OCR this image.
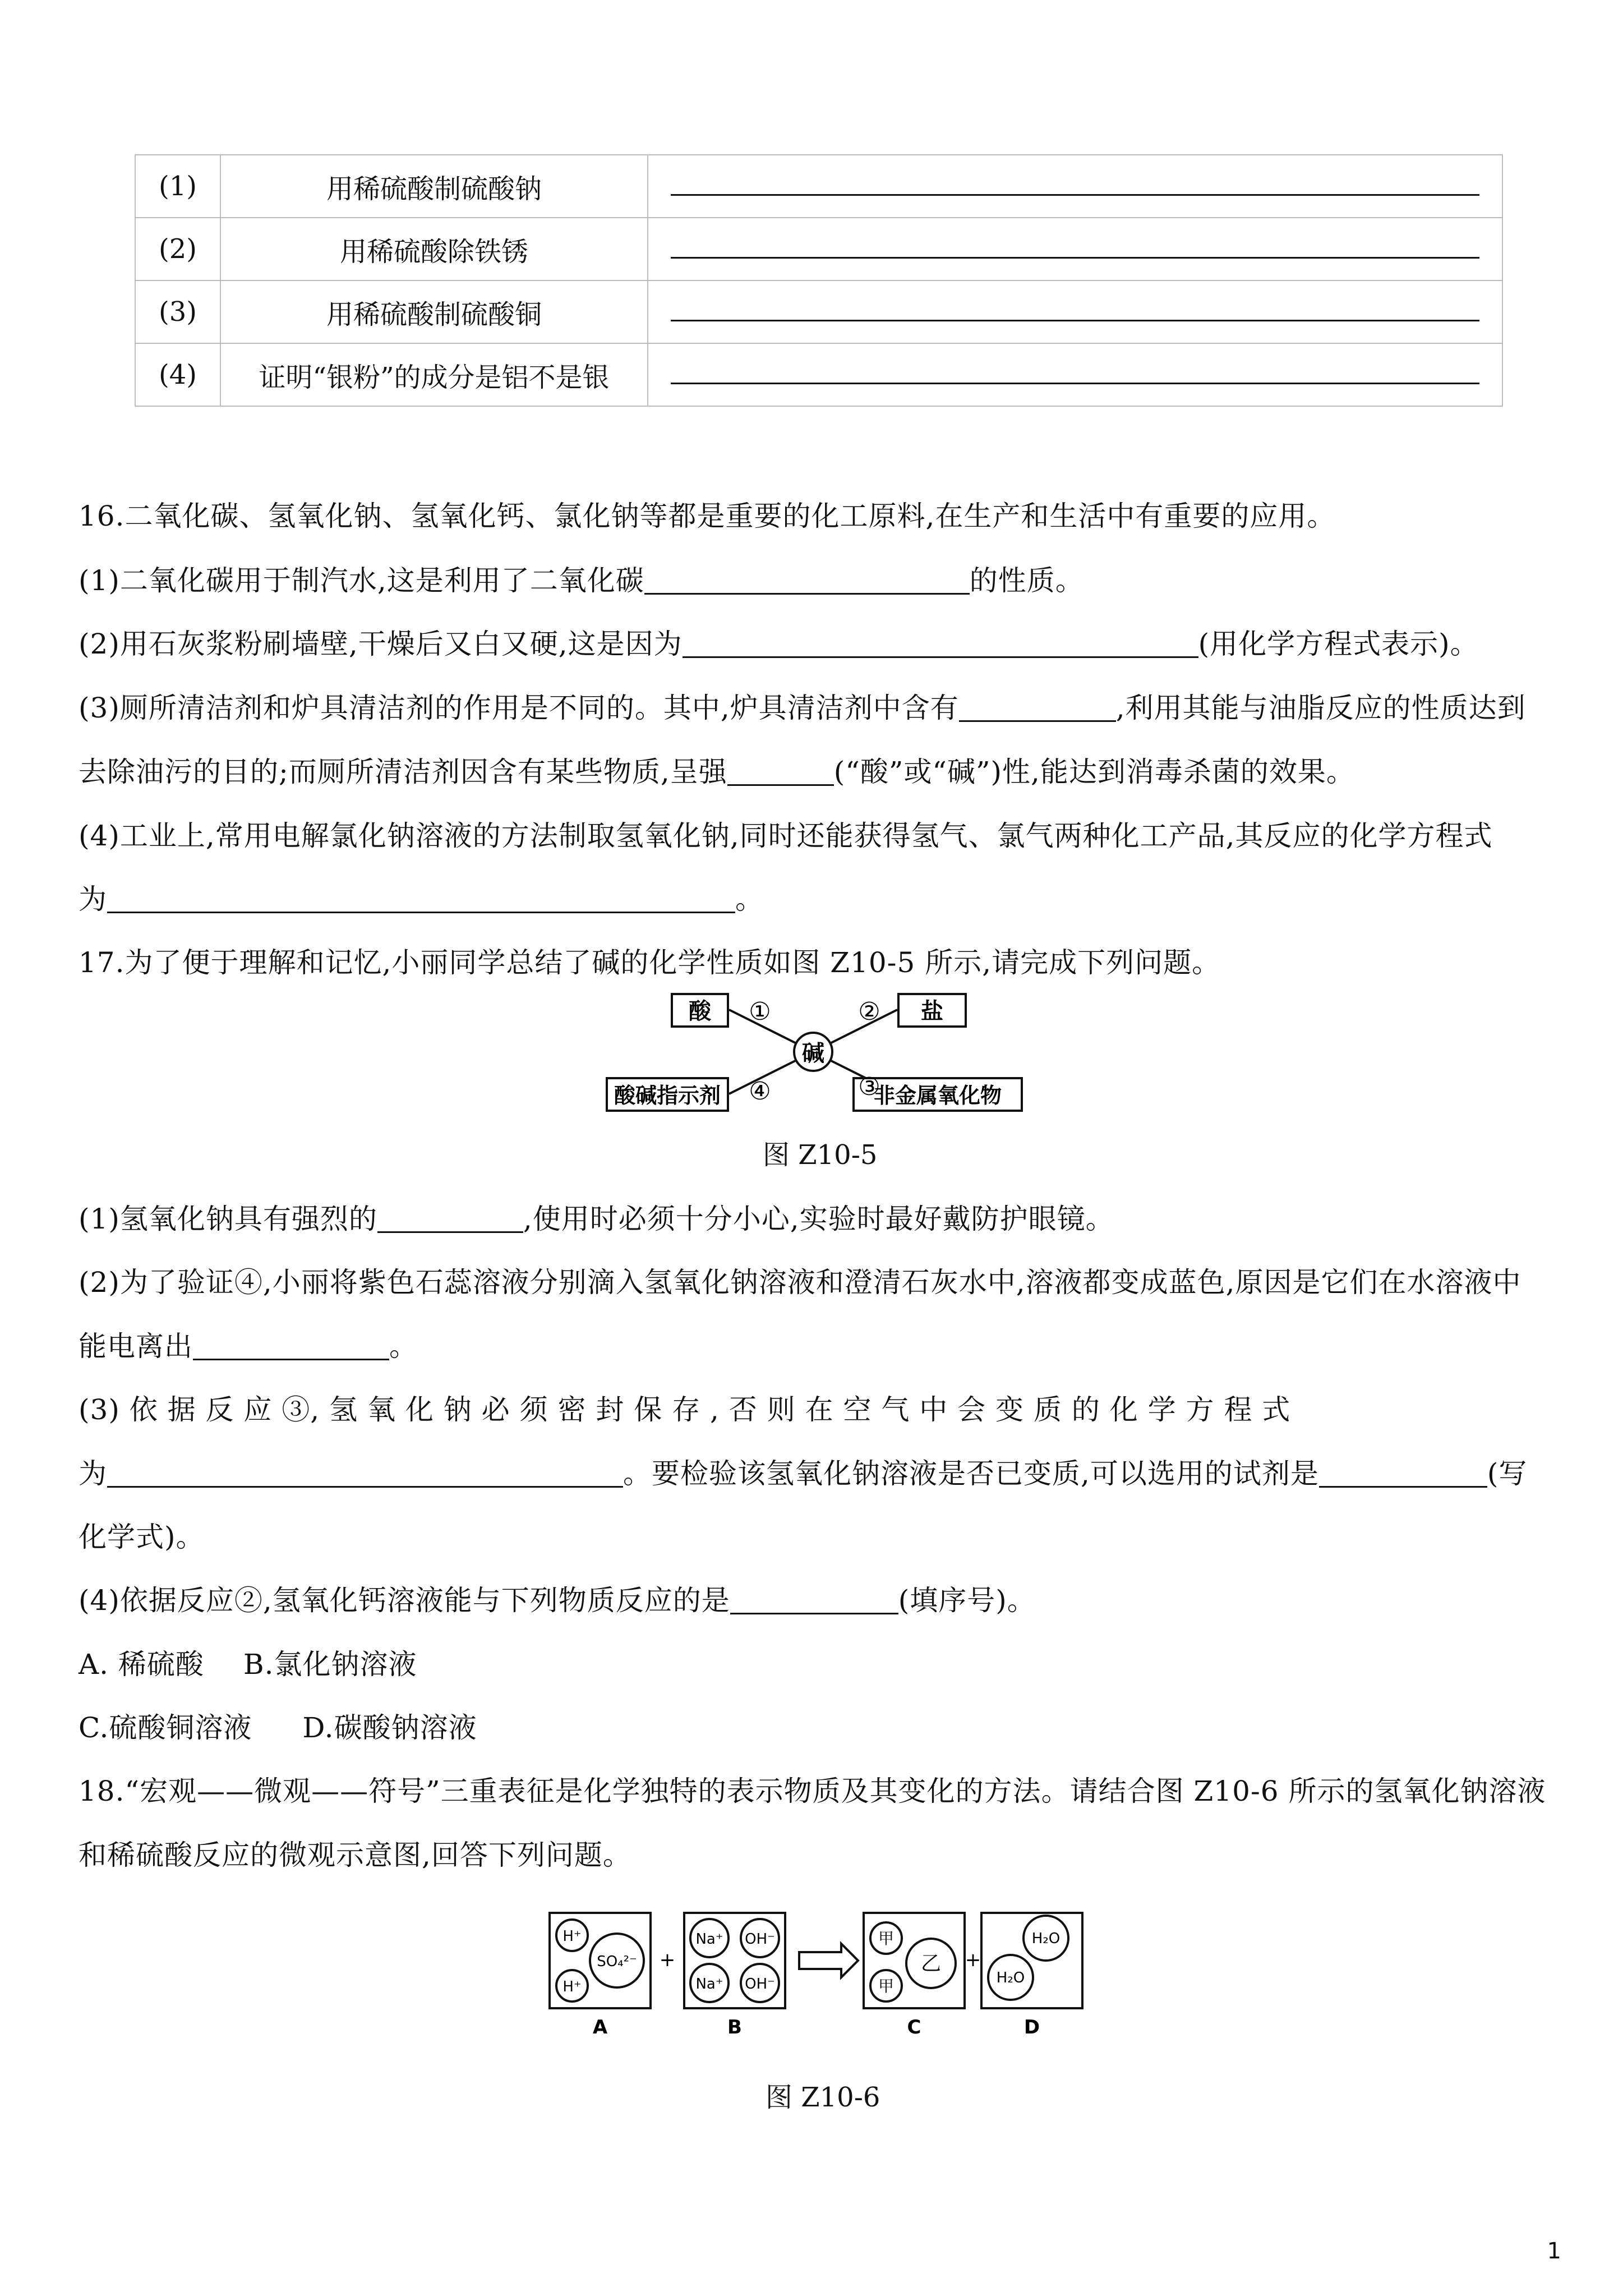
(1)	用稀硫酸制硫酸钠	

(2)	用稀硫酸除铁锈	

(3)	用稀硫酸制硫酸铜	

(4)	证明“银粉”的成分是铝不是银	
16.二氧化碳、氢氧化钠、氢氧化钙、氯化钠等都是重要的化工原料,在生产和生活中有重要的应用。
(1)二氧化碳用于制汽水,这是利用了二氧化碳	的性质。
(2)用石灰浆粉刷墙壁,干燥后又白又硬,这是因为	(用化学方程式表示)。
(3)厕所清洁剂和炉具清洁剂的作用是不同的。其中,炉具清洁剂中含有	,利用其能与油脂反应的性质达到
去除油污的目的;而厕所清洁剂因含有某些物质,呈强	(“酸”或“碱”)性,能达到消毒杀菌的效果。
(4)工业上,常用电解氯化钠溶液的方法制取氢氧化钠,同时还能获得氢气、氯气两种化工产品,其反应的化学方程式
为	。
17.为了便于理解和记忆,小丽同学总结了碱的化学性质如图 Z10-5 所示,请完成下列问题。
碱
酸	盐
酸碱指示剂	非金属氧化物
①	②
③
④
图 Z10-5
(1)氢氧化钠具有强烈的	,使用时必须十分小心,实验时最好戴防护眼镜。
(2)为了验证④,小丽将紫色石蕊溶液分别滴入氢氧化钠溶液和澄清石灰水中,溶液都变成蓝色,原因是它们在水溶液中
能电离出	。
(3) 依 据 反 应 ③, 氢 氧 化 钠 必 须 密 封 保 存 , 否 则 在 空 气 中 会 变 质 的 化 学 方 程 式
为	。要检验该氢氧化钠溶液是否已变质,可以选用的试剂是	(写
化学式)。
(4)依据反应②,氢氧化钙溶液能与下列物质反应的是	(填序号)。
A. 稀硫酸 B.氯化钠溶液
C.硫酸铜溶液 D.碳酸钠溶液
18.“宏观——微观——符号”三重表征是化学独特的表示物质及其变化的方法。请结合图 Z10-6 所示的氢氧化钠溶液
和稀硫酸反应的微观示意图,回答下列问题。
H⁺
H⁺
SO₄²⁻
Na⁺ OH⁻
Na⁺ OH⁻
甲
甲
乙
H₂O
H₂O
+	+
A	B	C	D
图 Z10-6
1
